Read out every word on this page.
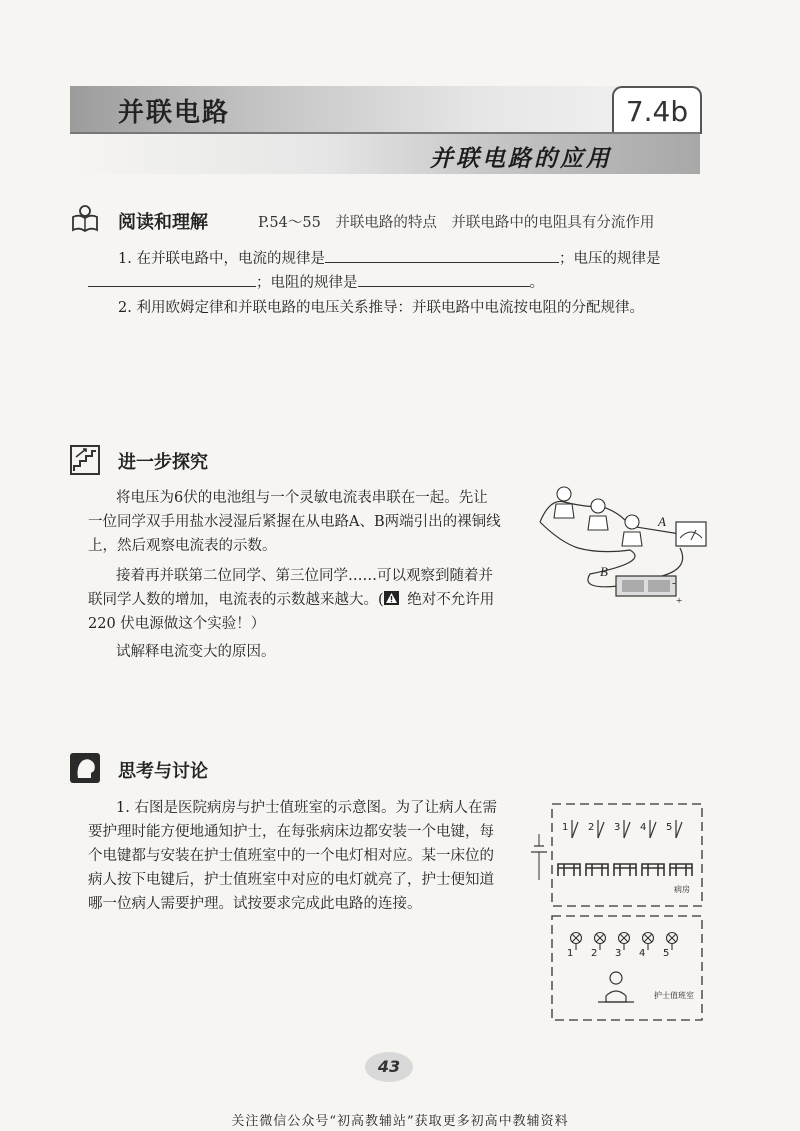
并联电路	7.4b
并联电路的应用
阅读和理解	P.54～55　并联电路的特点　并联电路中的电阻具有分流作用
1. 在并联电路中，电流的规律是	；电压的规律是
；电阻的规律是	。
2. 利用欧姆定律和并联电路的电压关系推导：并联电路中电流按电阻的分配规律。
进一步探究
将电压为6伏的电池组与一个灵敏电流表串联在一起。先让
一位同学双手用盐水浸湿后紧握在从电路A、B两端引出的裸铜线
上，然后观察电流表的示数。
接着再并联第二位同学、第三位同学……可以观察到随着并
联同学人数的增加，电流表的示数越来越大。( 绝对不允许用
220 伏电源做这个实验！）
试解释电流变大的原因。
A
B
-
+
思考与讨论
1. 右图是医院病房与护士值班室的示意图。为了让病人在需
要护理时能方便地通知护士，在每张病床边都安装一个电键，每
个电键都与安装在护士值班室中的一个电灯相对应。某一床位的
病人按下电键后，护士值班室中对应的电灯就亮了，护士便知道
哪一位病人需要护理。试按要求完成此电路的连接。
1 2 3 4 5
病房
1 2 3 4 5
护士值班室
43
关注微信公众号“初高教辅站”获取更多初高中教辅资料
